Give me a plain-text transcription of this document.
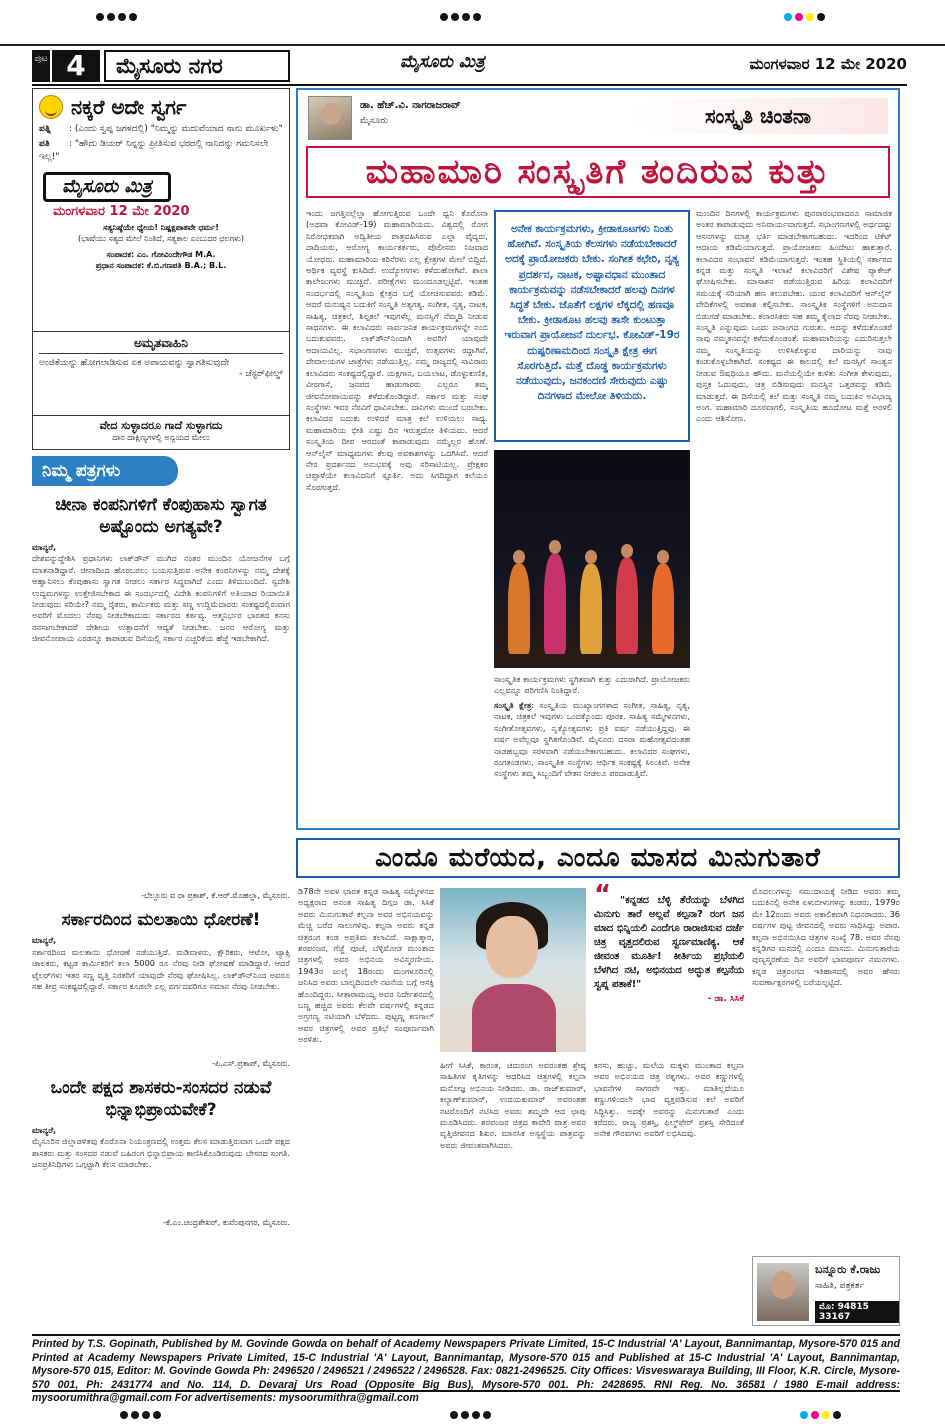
ಪುಟ 4	ಮೈಸೂರು ನಗರ	ಮೈಸೂರು ಮಿತ್ರ	ಮಂಗಳವಾರ 12 ಮೇ 2020
ನಕ್ಕರೆ ಅದೇ ಸ್ವರ್ಗ
ಪತ್ನಿ : (ಎಂದು ಸ್ವಪ್ನ ಜಗಳದಲ್ಲಿ) "ನಿಮ್ಮನ್ನು ಮದುವೆಯಾದ ನಾನು ಮೂರ್ಖಳು"
ಪತಿ : "ಹೌದು ಡಿಯರ್ ನಿನ್ನನ್ನು ಪ್ರೀತಿಸುವ ಭರದಲ್ಲಿ ನಾನಿದನ್ನು ಗಮನಿಸಲೇ ಇಲ್ಲ!"
ಮೈಸೂರು ಮಿತ್ರ
ಮಂಗಳವಾರ 12 ಮೇ 2020
ಸತ್ಯನಿಷ್ಠೆಯೇ ಧ್ಯೇಯ! ನಿಷ್ಪಕ್ಷಪಾತವೇ ಧರ್ಮ!
(ಭಾಷೆಯು ಸತ್ಯದ ಮೇಲೆ ನಿಂತಿದೆ, ಸತ್ಯಕಾಲ ಎಂಬುದರ ಛಲಗಳು)
ಸಂಪಾದಕ: ಎಂ. ಗೋವಿಂದೇಗೌಡ M.A.
ಪ್ರಧಾನ ಸಂಪಾದಕ: ಕೆ.ಬಿ.ಗಣಪತಿ B.A.; B.L.
ಅಮೃತವಾಹಿನಿ
ಅಂಜಿಕೆಯನ್ನು ಹೋಗಲಾಡಿಸುವ ಏಕ ಅಪಾಯವನ್ನು ಸ್ವಾಗತಿಸುವುದೇ
- ಚೆಸ್ಟರ್‌ಫೀಲ್ಡ್
ವೇದ ಸುಳ್ಳಾದರೂ ಗಾದೆ ಸುಳ್ಳಾಗದು
ದಾನ ದಾಕ್ಷಿಣ್ಯಗಳಲ್ಲಿ ಅನ್ವಯದ ಮೇಲು
ನಿಮ್ಮ ಪತ್ರಗಳು
ಚೀನಾ ಕಂಪನಿಗಳಿಗೆ ಕೆಂಪುಹಾಸು ಸ್ವಾಗತ ಅಷ್ಟೊಂದು ಅಗತ್ಯವೇ?
ಮಾನ್ಯರೆ,
ದೇಶವನ್ನುದ್ದೇಶಿಸಿ ಪ್ರಧಾನಿಗಳು ಲಾಕ್‌ಡೌನ್ ಮುಗಿದ ನಂತರ ಮುಂದಿನ ಯೋಜನೆಗಳ ಬಗ್ಗೆ ಮಾತನಾಡಿದ್ದಾರೆ. ಚೀನಾದಿಂದ ಹೊರಬರಲು ಬಯಸುತ್ತಿರುವ ಅನೇಕ ಕಂಪನಿಗಳನ್ನು ನಮ್ಮ ದೇಶಕ್ಕೆ ಆಹ್ವಾನಿಸಲು ಕೆಂಪುಹಾಸು ಸ್ವಾಗತ ನೀಡಲು ಸರ್ಕಾರ ಸಿದ್ಧವಾಗಿದೆ ಎಂದು ತಿಳಿದುಬಂದಿದೆ. ಸ್ವದೇಶಿ ಉದ್ಯಮಗಳನ್ನು ಉತ್ತೇಜಿಸಬೇಕಾದ ಈ ಸಂದರ್ಭದಲ್ಲಿ ವಿದೇಶಿ ಕಂಪನಿಗಳಿಗೆ ಅತಿಯಾದ ರಿಯಾಯಿತಿ ನೀಡುವುದು ಸರಿಯೇ? ನಮ್ಮ ರೈತರು, ಕಾರ್ಮಿಕರು ಮತ್ತು ಸಣ್ಣ ಉದ್ದಿಮೆದಾರರು ಸಂಕಷ್ಟದಲ್ಲಿರುವಾಗ ಅವರಿಗೆ ಮೊದಲು ನೆರವು ನೀಡಬೇಕಾದುದು ಸರ್ಕಾರದ ಕರ್ತವ್ಯ. ಆತ್ಮನಿರ್ಭರ ಭಾರತದ ಕನಸು ನನಸಾಗಬೇಕಾದರೆ ದೇಶೀಯ ಉತ್ಪಾದನೆಗೆ ಆದ್ಯತೆ ನೀಡಬೇಕು. ಜನರ ಆರೋಗ್ಯ ಮತ್ತು ಜೀವನೋಪಾಯ ಎರಡನ್ನೂ ಕಾಪಾಡುವ ದಿಸೆಯಲ್ಲಿ ಸರ್ಕಾರ ಎಚ್ಚರಿಕೆಯ ಹೆಜ್ಜೆ ಇಡಬೇಕಾಗಿದೆ.
-ಬೆಲ್ಲೂರು ವ ರಾ ಪ್ರಕಾಶ್, ಕೆ.ಆರ್.ಮೊಹಲ್ಲಾ, ಮೈಸೂರು.
ಸರ್ಕಾರದಿಂದ ಮಲತಾಯಿ ಧೋರಣೆ!
ಮಾನ್ಯರೆ,
ಸರ್ಕಾರದಿಂದ ಮಲತಾಯಿ ಧೋರಣೆ ನಡೆಯುತ್ತಿದೆ. ಮಡಿವಾಳರು, ಕ್ಷೌರಿಕರು, ಆಟೋ, ಟ್ಯಾಕ್ಸಿ ಚಾಲಕರು, ಕಟ್ಟಡ ಕಾರ್ಮಿಕರಿಗೆ ತಲಾ 5000 ರೂ ನೆರವು ನೀಡಿ ಘೋಷಣೆ ಮಾಡಿದ್ದಾರೆ. ಆದರೆ ಟೈಲರ್‌ಗಳು ಇತರ ಸಣ್ಣ ವೃತ್ತಿ ನಿರತರಿಗೆ ಯಾವುದೇ ನೆರವು ಘೋಷಿಸಿಲ್ಲ. ಲಾಕ್‌ಡೌನ್‌ನಿಂದ ಅವರೂ ಸಹ ತೀವ್ರ ಸಂಕಷ್ಟದಲ್ಲಿದ್ದಾರೆ. ಸರ್ಕಾರ ಕೂಡಲೇ ಎಲ್ಲ ವರ್ಗದವರಿಗೂ ಸಮಾನ ನೆರವು ನೀಡಬೇಕು.
-ಪಿ.ಎಸ್.ಪ್ರತಾಪ್, ಮೈಸೂರು.
ಒಂದೇ ಪಕ್ಷದ ಶಾಸಕರು-ಸಂಸದರ ನಡುವೆ ಭಿನ್ನಾಭಿಪ್ರಾಯವೇಕೆ?
ಮಾನ್ಯರೆ,
ಮೈಸೂರಿನ ಜಿಲ್ಲಾಡಳಿತವು ಕೊರೊನಾ ನಿಯಂತ್ರಣದಲ್ಲಿ ಉತ್ತಮ ಕೆಲಸ ಮಾಡುತ್ತಿರುವಾಗ ಒಂದೇ ಪಕ್ಷದ ಶಾಸಕರು ಮತ್ತು ಸಂಸದರ ನಡುವೆ ಬಹಿರಂಗ ಭಿನ್ನಾಭಿಪ್ರಾಯ ಕಾಣಿಸಿಕೊಂಡಿರುವುದು ಬೇಸರದ ಸಂಗತಿ. ಜನಪ್ರತಿನಿಧಿಗಳು ಒಗ್ಗಟ್ಟಾಗಿ ಕೆಲಸ ಮಾಡಬೇಕು.
-ಕೆ.ಎಂ.ಚಂದ್ರಶೇಖರ್, ಕುವೆಂಪುನಗರ, ಮೈಸೂರು.
ಡಾ. ಹೆಚ್.ವಿ. ನಾಗರಾಜರಾವ್
ಮೈಸೂರು	ಸಂಸ್ಕೃತಿ ಚಿಂತನಾ
ಮಹಾಮಾರಿ ಸಂಸ್ಕೃತಿಗೆ ತಂದಿರುವ ಕುತ್ತು
ಇಂದು ಜಗತ್ತಿನಲ್ಲೆಲ್ಲಾ ಹೋಗುತ್ತಿರುವ ಒಂದೇ ಧ್ವನಿ ಕೊರೊನಾ (ಅಥವಾ ಕೋವಿಡ್-19) ಮಹಾಮಾರಿಯದು. ವಿಶ್ವದಲ್ಲಿ ರೋಗ ನಿರೋಧಕವಾಗಿ ಅದ್ವಿತೀಯ ಪಾತ್ರವಹಿಸಿರುವ ಎಲ್ಲಾ ವೈದ್ಯರು, ದಾದಿಯರು, ಆರೋಗ್ಯ ಕಾರ್ಯಕರ್ತರು, ಪೊಲೀಸರು ನಿಜವಾದ ಯೋಧರು. ಮಹಾಮಾರಿಯ ಕರಿನೆರಳು ಎಲ್ಲ ಕ್ಷೇತ್ರಗಳ ಮೇಲೆ ಬಿದ್ದಿದೆ. ಆರ್ಥಿಕ ವ್ಯವಸ್ಥೆ ಕುಸಿದಿದೆ. ಉದ್ಯೋಗಗಳು ಕಳೆದುಹೋಗಿವೆ. ಶಾಲಾ ಕಾಲೇಜುಗಳು ಮುಚ್ಚಿವೆ. ಪರೀಕ್ಷೆಗಳು ಮುಂದೂಡಲ್ಪಟ್ಟಿವೆ. ಇಂತಹ ಸಂದರ್ಭದಲ್ಲಿ ಸಂಸ್ಕೃತಿಯ ಕ್ಷೇತ್ರದ ಬಗ್ಗೆ ಯೋಚಿಸುವವರು ಕಡಿಮೆ. ಆದರೆ ಮನುಷ್ಯನ ಬದುಕಿಗೆ ಸಂಸ್ಕೃತಿ ಅತ್ಯಗತ್ಯ. ಸಂಗೀತ, ನೃತ್ಯ, ನಾಟಕ, ಸಾಹಿತ್ಯ, ಚಿತ್ರಕಲೆ, ಶಿಲ್ಪಕಲೆ ಇವುಗಳೆಲ್ಲ ಮನಸ್ಸಿಗೆ ನೆಮ್ಮದಿ ನೀಡುವ ಸಾಧನಗಳು. ಈ ಕಲಾವಿದರು ಸಾರ್ವಜನಿಕ ಕಾರ್ಯಕ್ರಮಗಳನ್ನೇ ನಂಬಿ ಬದುಕುವವರು. ಲಾಕ್‌ಡೌನ್‌ನಿಂದಾಗಿ ಅವರಿಗೆ ಯಾವುದೇ ಆದಾಯವಿಲ್ಲ. ಸಭಾಂಗಣಗಳು ಮುಚ್ಚಿವೆ, ಉತ್ಸವಗಳು ರದ್ದಾಗಿವೆ, ದೇವಾಲಯಗಳ ಜಾತ್ರೆಗಳು ನಡೆಯುತ್ತಿಲ್ಲ. ನಮ್ಮ ರಾಜ್ಯದಲ್ಲಿ ಸಾವಿರಾರು ಕಲಾವಿದರು ಸಂಕಷ್ಟದಲ್ಲಿದ್ದಾರೆ. ಯಕ್ಷಗಾನ, ಬಯಲಾಟ, ಡೊಳ್ಳುಕುಣಿತ, ವೀರಗಾಸೆ, ಜನಪದ ಹಾಡುಗಾರರು ಎಲ್ಲರೂ ತಮ್ಮ ಜೀವನೋಪಾಯವನ್ನು ಕಳೆದುಕೊಂಡಿದ್ದಾರೆ. ಸರ್ಕಾರ ಮತ್ತು ಸಂಘ ಸಂಸ್ಥೆಗಳು ಇವರ ನೆರವಿಗೆ ಧಾವಿಸಬೇಕು. ದಾನಿಗಳು ಮುಂದೆ ಬರಬೇಕು. ಕಲಾವಿದರ ಬದುಕು ಉಳಿದರೆ ಮಾತ್ರ ಕಲೆ ಉಳಿಯಲು ಸಾಧ್ಯ. ಮಹಾಮಾರಿಯ ಭೀತಿ ಎಷ್ಟು ದಿನ ಇರುತ್ತದೋ ತಿಳಿಯದು. ಆದರೆ ಸಂಸ್ಕೃತಿಯ ದೀಪ ಆರದಂತೆ ಕಾಪಾಡುವುದು ನಮ್ಮೆಲ್ಲರ ಹೊಣೆ. ಆನ್‌ಲೈನ್ ಮಾಧ್ಯಮಗಳು ಕೆಲವು ಅವಕಾಶಗಳನ್ನು ಒದಗಿಸಿವೆ. ಆದರೆ ನೇರ ಪ್ರದರ್ಶನದ ಅನುಭವಕ್ಕೆ ಅವು ಸರಿಸಾಟಿಯಲ್ಲ. ಪ್ರೇಕ್ಷಕರ ಚಪ್ಪಾಳೆಯೇ ಕಲಾವಿದನಿಗೆ ಸ್ಫೂರ್ತಿ. ಅದು ಸಿಗದಿದ್ದಾಗ ಕಲೆಯೂ ಸೊರಗುತ್ತದೆ.
ಅನೇಕ ಕಾರ್ಯಕ್ರಮಗಳು, ಕ್ರೀಡಾಕೂಟಗಳು ನಿಂತು ಹೋಗಿವೆ. ಸಂಸ್ಕೃತಿಯ ಕೆಲಸಗಳು ನಡೆಯಬೇಕಾದರೆ ಅದಕ್ಕೆ ಪ್ರಾಯೋಜಕರು ಬೇಕು. ಸಂಗೀತ ಕಛೇರಿ, ನೃತ್ಯ ಪ್ರದರ್ಶನ, ನಾಟಕ, ಅಷ್ಟಾವಧಾನ ಮುಂತಾದ ಕಾರ್ಯಕ್ರಮವನ್ನು ನಡೆಸಬೇಕಾದರೆ ಹಲವು ದಿನಗಳ ಸಿದ್ಧತೆ ಬೇಕು. ಜೊತೆಗೆ ಲಕ್ಷಗಳ ಲೆಕ್ಕದಲ್ಲಿ ಹಣವೂ ಬೇಕು. ಕ್ರೀಡಾಕೂಟ ಹಲವು ತಾಸೇ ಕುಂಟುತ್ತಾ ಇರುವಾಗ ಪ್ರಾಯೋಜನೆ ದುರ್ಲಭ. ಕೋವಿಡ್-19ರ ದುಷ್ಪರಿಣಾಮದಿಂದ ಸಂಸ್ಕೃತಿ ಕ್ಷೇತ್ರ ಈಗ ಸೊರಗುತ್ತಿದೆ. ಮತ್ತೆ ದೊಡ್ಡ ಕಾರ್ಯಕ್ರಮಗಳು ನಡೆಯುವುದು, ಜನಕಂದಣಿ ಸೇರುವುದು ಎಷ್ಟು ದಿನಗಳಾದ ಮೇಲೋ ತಿಳಿಯದು.
ಸಾಂಸ್ಕೃತಿಕ ಕಾರ್ಯಕ್ರಮಗಳು ಸ್ಥಗಿತವಾಗಿ ಕುತ್ತು ಎದುರಾಗಿದೆ. ಪ್ರಾಯೋಜಕರು ಎಲ್ಲವನ್ನೂ ಪರಿಗಣಿಸಿ ನಿಂತಿದ್ದಾರೆ.
ಸಂಸ್ಕೃತಿ ಕ್ಷೇತ್ರ: ಸಂಸ್ಕೃತಿಯ ಮುಖ್ಯಾಂಗಗಳಾದ ಸಂಗೀತ, ಸಾಹಿತ್ಯ, ನೃತ್ಯ, ನಾಟಕ, ಚಿತ್ರಕಲೆ ಇವುಗಳು ಒಂದಕ್ಕೊಂದು ಪೂರಕ. ಸಾಹಿತ್ಯ ಸಮ್ಮೇಳನಗಳು, ಸಂಗೀತೋತ್ಸವಗಳು, ನೃತ್ಯೋತ್ಸವಗಳು ಪ್ರತಿ ವರ್ಷ ನಡೆಯುತ್ತಿದ್ದವು. ಈ ವರ್ಷ ಅವೆಲ್ಲವೂ ಸ್ಥಗಿತಗೊಂಡಿವೆ. ಮೈಸೂರು ದಸರಾ ಮಹೋತ್ಸವದಂತಹ ನಾಡಹಬ್ಬವೂ ಸರಳವಾಗಿ ನಡೆಯಬೇಕಾಗಬಹುದು. ಕಲಾವಿದರ ಸಂಘಗಳು, ರಂಗತಂಡಗಳು, ಸಾಂಸ್ಕೃತಿಕ ಸಂಸ್ಥೆಗಳು ಆರ್ಥಿಕ ಸಂಕಷ್ಟಕ್ಕೆ ಸಿಲುಕಿವೆ. ಅನೇಕ ಸಂಸ್ಥೆಗಳು ತಮ್ಮ ಸಿಬ್ಬಂದಿಗೆ ವೇತನ ನೀಡಲೂ ಪರದಾಡುತ್ತಿವೆ.
ಮುಂದಿನ ದಿನಗಳಲ್ಲಿ ಕಾರ್ಯಕ್ರಮಗಳು ಪುನರಾರಂಭವಾದರೂ ಸಾಮಾಜಿಕ ಅಂತರ ಕಾಪಾಡುವುದು ಅನಿವಾರ್ಯವಾಗುತ್ತದೆ. ಸಭಾಂಗಣಗಳಲ್ಲಿ ಅರ್ಧದಷ್ಟು ಆಸನಗಳನ್ನು ಮಾತ್ರ ಭರ್ತಿ ಮಾಡಬೇಕಾಗಬಹುದು. ಇದರಿಂದ ಟಿಕೆಟ್ ಆದಾಯ ಕಡಿಮೆಯಾಗುತ್ತದೆ. ಪ್ರಾಯೋಜಕರು ಹಿಂದೇಟು ಹಾಕುತ್ತಾರೆ. ಕಲಾವಿದರ ಸಂಭಾವನೆ ಕಡಿಮೆಯಾಗುತ್ತದೆ. ಇಂತಹ ಸ್ಥಿತಿಯಲ್ಲಿ ಸರ್ಕಾರದ ಕನ್ನಡ ಮತ್ತು ಸಂಸ್ಕೃತಿ ಇಲಾಖೆ ಕಲಾವಿದರಿಗೆ ವಿಶೇಷ ಪ್ಯಾಕೇಜ್ ಘೋಷಿಸಬೇಕು. ಮಾಸಾಶನ ಪಡೆಯುತ್ತಿರುವ ಹಿರಿಯ ಕಲಾವಿದರಿಗೆ ಸಮಯಕ್ಕೆ ಸರಿಯಾಗಿ ಹಣ ತಲುಪಬೇಕು. ಯುವ ಕಲಾವಿದರಿಗೆ ಆನ್‌ಲೈನ್ ವೇದಿಕೆಗಳಲ್ಲಿ ಅವಕಾಶ ಕಲ್ಪಿಸಬೇಕು. ಸಾಂಸ್ಕೃತಿಕ ಸಂಸ್ಥೆಗಳಿಗೆ ಅನುದಾನ ಬಿಡುಗಡೆ ಮಾಡಬೇಕು. ಕಲಾರಸಿಕರು ಸಹ ತಮ್ಮ ಕೈಲಾದ ನೆರವು ನೀಡಬೇಕು. ಸಂಸ್ಕೃತಿ ಎನ್ನುವುದು ಒಂದು ಜನಾಂಗದ ಗುರುತು. ಅದನ್ನು ಕಳೆದುಕೊಂಡರೆ ನಾವು ನಮ್ಮತನವನ್ನೇ ಕಳೆದುಕೊಂಡಂತೆ. ಮಹಾಮಾರಿಯನ್ನು ಎದುರಿಸುತ್ತಲೇ ನಮ್ಮ ಸಂಸ್ಕೃತಿಯನ್ನು ಉಳಿಸಿಕೊಳ್ಳುವ ದಾರಿಯನ್ನು ನಾವು ಕಂಡುಕೊಳ್ಳಬೇಕಾಗಿದೆ. ಸಂಕಷ್ಟದ ಈ ಕಾಲದಲ್ಲಿ ಕಲೆ ಮನಸ್ಸಿಗೆ ಸಾಂತ್ವನ ನೀಡುವ ಔಷಧಿಯೂ ಹೌದು. ಮನೆಯಲ್ಲಿಯೇ ಕುಳಿತು ಸಂಗೀತ ಕೇಳುವುದು, ಪುಸ್ತಕ ಓದುವುದು, ಚಿತ್ರ ಬಿಡಿಸುವುದು ಮನಸ್ಸಿನ ಒತ್ತಡವನ್ನು ಕಡಿಮೆ ಮಾಡುತ್ತದೆ. ಈ ದಿಸೆಯಲ್ಲಿ ಕಲೆ ಮತ್ತು ಸಂಸ್ಕೃತಿ ನಮ್ಮ ಬದುಕಿನ ಅವಿಭಾಜ್ಯ ಅಂಗ. ಮಹಾಮಾರಿ ದೂರವಾಗಲಿ, ಸಂಸ್ಕೃತಿಯ ಹೂದೋಟ ಮತ್ತೆ ಅರಳಲಿ ಎಂದು ಆಶಿಸೋಣ.
ಎಂದೂ ಮರೆಯದ, ಎಂದೂ ಮಾಸದ ಮಿನುಗುತಾರೆ
ಡಿ78ನೇ ಅವಳ ಭಾರತ ಕನ್ನಡ ಸಾಹಿತ್ಯ ಸಮ್ಮೇಳನದ ಅಧ್ಯಕ್ಷರಾದ ಅನಂತ ಸಾಹಿತ್ಯ ದಿಗ್ಗಜ ಡಾ. ಸಿಸಿಕೆ ಅವರು ಮಿನುಗುತಾರೆ ಕಲ್ಪನಾ ಅವರ ಅಭಿನಯವನ್ನು ಮೆಚ್ಚಿ ಬರೆದ ಸಾಲುಗಳಿವು. ಕಲ್ಪನಾ ಅವರು ಕನ್ನಡ ಚಿತ್ರರಂಗ ಕಂಡ ಅಪ್ರತಿಮ ಕಲಾವಿದೆ. ಸಾಕ್ಷಾತ್ಕಾರ, ಶರಪಂಜರ, ಗೆಜ್ಜೆ ಪೂಜೆ, ಬೆಳ್ಳಿಮೋಡ ಮುಂತಾದ ಚಿತ್ರಗಳಲ್ಲಿ ಅವರ ಅಭಿನಯ ಅವಿಸ್ಮರಣೀಯ. 1943ರ ಜುಲೈ 18ರಂದು ಮಂಗಳೂರಿನಲ್ಲಿ ಜನಿಸಿದ ಅವರು ಬಾಲ್ಯದಿಂದಲೇ ನಟನೆಯ ಬಗ್ಗೆ ಆಸಕ್ತಿ ಹೊಂದಿದ್ದರು. ಸೀತಾರಾಮಯ್ಯ ಅವರ ನಿರ್ದೇಶನದಲ್ಲಿ ಬಣ್ಣ ಹಚ್ಚಿದ ಅವರು ಕೆಲವೇ ವರ್ಷಗಳಲ್ಲಿ ಕನ್ನಡದ ಅಗ್ರಗಣ್ಯ ನಟಿಯಾಗಿ ಬೆಳೆದರು. ಪುಟ್ಟಣ್ಣ ಕಣಗಾಲ್ ಅವರ ಚಿತ್ರಗಳಲ್ಲಿ ಅವರ ಪ್ರತಿಭೆ ಸಂಪೂರ್ಣವಾಗಿ ಅರಳಿತು.
“ "ಕನ್ನಡದ ಬೆಳ್ಳಿ ತೆರೆಯನ್ನು ಬೆಳಗಿದ ಮಿನುಗು ತಾರೆ ಅಲ್ಲವೆ ಕಲ್ಪನಾ? ರಂಗ ಜನ ಮಾದ ಭಿನ್ನಿಯಲಿ ಎಂದೆಗೂ ರಾರಾಜಿಸುವ ದರ್ಜೆ ಚಿತ್ರ ವೃತ್ತದಲಿರುವ ಸ್ವರ್ಣಮಾಣಿಕ್ಯ. ಆಕೆ ಜೀವಂತ ಮೂರ್ತಿ! ಕೀರ್ತಿಯ ಪ್ರಭೆಯಲಿ ಬೆಳಗಿದ ನಟಿ, ಅಭಿನಯದ ಅದ್ಭುತ ಕಲ್ಪನೆಯ ಸ್ವಪ್ನ ಪತಾಕೆ!"
- ಡಾ. ಸಿಸಿಕೆ
ಹೀಗೆ ಸಿಸಿಕೆ, ಕಾರಂತ, ಚದುರಂಗ ಅವರಂತಹ ಶ್ರೇಷ್ಠ ಸಾಹಿತಿಗಳ ಕೃತಿಗಳನ್ನು ಆಧರಿಸಿದ ಚಿತ್ರಗಳಲ್ಲಿ ಕಲ್ಪನಾ ಮನೋಜ್ಞ ಅಭಿನಯ ನೀಡಿದರು. ಡಾ. ರಾಜ್‌ಕುಮಾರ್, ಕಲ್ಯಾಣ್‌ಕುಮಾರ್, ಉದಯಕುಮಾರ್ ಅವರಂತಹ ನಟರೊಂದಿಗೆ ನಟಿಸಿದ ಅವರು ತಮ್ಮದೇ ಆದ ಛಾಪು ಮೂಡಿಸಿದರು. ಶರಪಂಜರ ಚಿತ್ರದ ಕಾವೇರಿ ಪಾತ್ರ ಅವರ ವೃತ್ತಿಜೀವನದ ಶಿಖರ. ಮಾನಸಿಕ ಅಸ್ವಸ್ಥೆಯ ಪಾತ್ರವನ್ನು ಅವರು ಜೀವಂತವಾಗಿಸಿದರು.
ಕನಸು, ಹುಚ್ಚು, ಮಲೆಯ ಮಕ್ಕಳು ಮುಂತಾದ ಕಲ್ಪನಾ ಅವರ ಅಭಿನಯದ ಚಿತ್ರ ರತ್ನಗಳು. ಅವರ ಕಣ್ಣುಗಳಲ್ಲಿ ಭಾವನೆಗಳ ಸಾಗರವೇ ಇತ್ತು. ಮಾತಿಲ್ಲದೆಯೂ ಕಣ್ಣುಗಳಿಂದಲೇ ಭಾವ ವ್ಯಕ್ತಪಡಿಸುವ ಕಲೆ ಅವರಿಗೆ ಸಿದ್ಧಿಸಿತ್ತು. ಅದಕ್ಕೇ ಅವರನ್ನು ಮಿನುಗುತಾರೆ ಎಂದು ಕರೆದರು. ರಾಜ್ಯ ಪ್ರಶಸ್ತಿ, ಫಿಲ್ಮ್‌ಫೇರ್ ಪ್ರಶಸ್ತಿ ಸೇರಿದಂತೆ ಅನೇಕ ಗೌರವಗಳು ಅವರಿಗೆ ಲಭಿಸಿದವು.
ಮೊದಲುಗಳನ್ನು ಸಮುದಾಯಕ್ಕೆ ನೀಡಿದ ಅವರು ತಮ್ಮ ಬದುಕಿನಲ್ಲಿ ಅನೇಕ ಏಳುಬೀಳುಗಳನ್ನು ಕಂಡರು. 1979ರ ಮೇ 12ರಂದು ಅವರು ಅಕಾಲಿಕವಾಗಿ ನಿಧನರಾದರು. 36 ವರ್ಷಗಳ ಪುಟ್ಟ ಜೀವನದಲ್ಲಿ ಅವರು ಸಾಧಿಸಿದ್ದು ಅಪಾರ. ಕಲ್ಪನಾ ಅಭಿನಯಿಸಿದ ಚಿತ್ರಗಳ ಸಂಖ್ಯೆ 78. ಅವರ ನೆನಪು ಕನ್ನಡಿಗರ ಮನದಲ್ಲಿ ಎಂದೂ ಮಾಸದು. ಮಿನುಗುತಾರೆಯ ಪುಣ್ಯಸ್ಮರಣೆಯ ದಿನ ಅವರಿಗೆ ಭಾವಪೂರ್ಣ ನಮನಗಳು. ಕನ್ನಡ ಚಿತ್ರರಂಗದ ಇತಿಹಾಸದಲ್ಲಿ ಅವರ ಹೆಸರು ಸುವರ್ಣಾಕ್ಷರಗಳಲ್ಲಿ ಬರೆಯಲ್ಪಟ್ಟಿದೆ.
ಬನ್ನೂರು ಕೆ.ರಾಜು
ಸಾಹಿತಿ, ಪತ್ರಕರ್ತ
ಮೊ: 94815 33167
Printed by T.S. Gopinath, Published by M. Govinde Gowda on behalf of Academy Newspapers Private Limited, 15-C Industrial 'A' Layout, Bannimantap, Mysore-570 015 and Printed at Academy Newspapers Private Limited, 15-C Industrial 'A' Layout, Bannimantap, Mysore-570 015 and Published at 15-C Industrial 'A' Layout, Bannimantap, Mysore-570 015, Editor: M. Govinde Gowda Ph: 2496520 / 2496521 / 2496522 / 2496528. Fax: 0821-2496525. City Offices: Visveswaraya Building, III Floor, K.R. Circle, Mysore-570 001, Ph: 2431774 and No. 114, D. Devaraj Urs Road (Opposite Big Bus), Mysore-570 001. Ph: 2428695. RNI Reg. No. 36581 / 1980 E-mail address: mysoorumithra@gmail.com For advertisements: mysoorumithra@gmail.com
